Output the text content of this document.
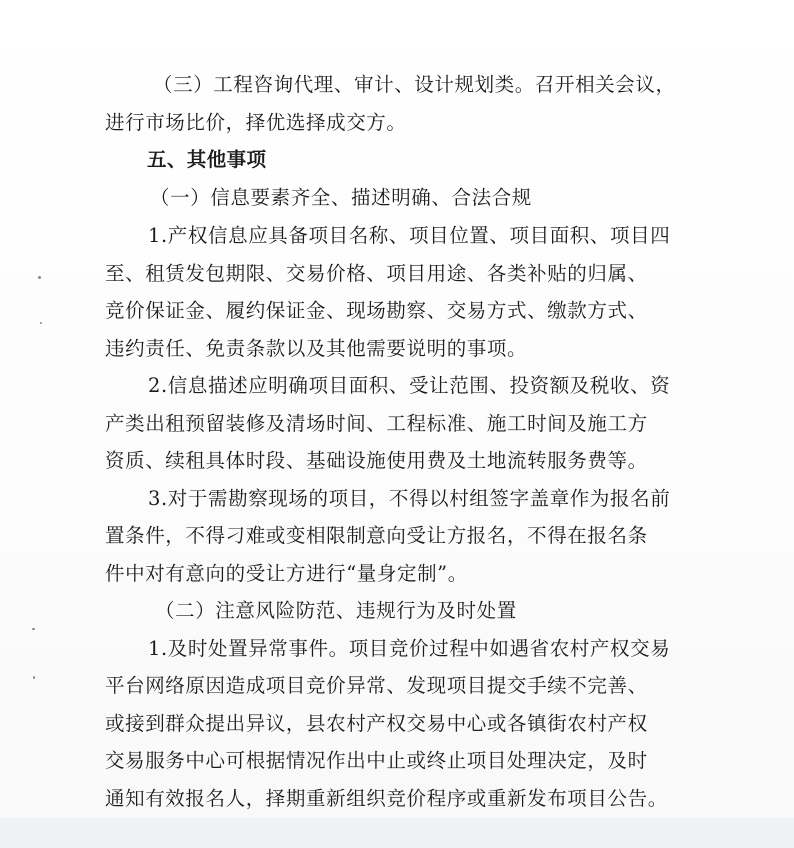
（三）工程咨询代理、审计、设计规划类。召开相关会议，
进行市场比价，择优选择成交方。
五、其他事项
（一）信息要素齐全、描述明确、合法合规
1.产权信息应具备项目名称、项目位置、项目面积、项目四
至、租赁发包期限、交易价格、项目用途、各类补贴的归属、
竞价保证金、履约保证金、现场勘察、交易方式、缴款方式、
违约责任、免责条款以及其他需要说明的事项。
2.信息描述应明确项目面积、受让范围、投资额及税收、资
产类出租预留装修及清场时间、工程标准、施工时间及施工方
资质、续租具体时段、基础设施使用费及土地流转服务费等。
3.对于需勘察现场的项目，不得以村组签字盖章作为报名前
置条件，不得刁难或变相限制意向受让方报名，不得在报名条
件中对有意向的受让方进行“量身定制”。
（二）注意风险防范、违规行为及时处置
1.及时处置异常事件。项目竞价过程中如遇省农村产权交易
平台网络原因造成项目竞价异常、发现项目提交手续不完善、
或接到群众提出异议，县农村产权交易中心或各镇街农村产权
交易服务中心可根据情况作出中止或终止项目处理决定，及时
通知有效报名人，择期重新组织竞价程序或重新发布项目公告。
